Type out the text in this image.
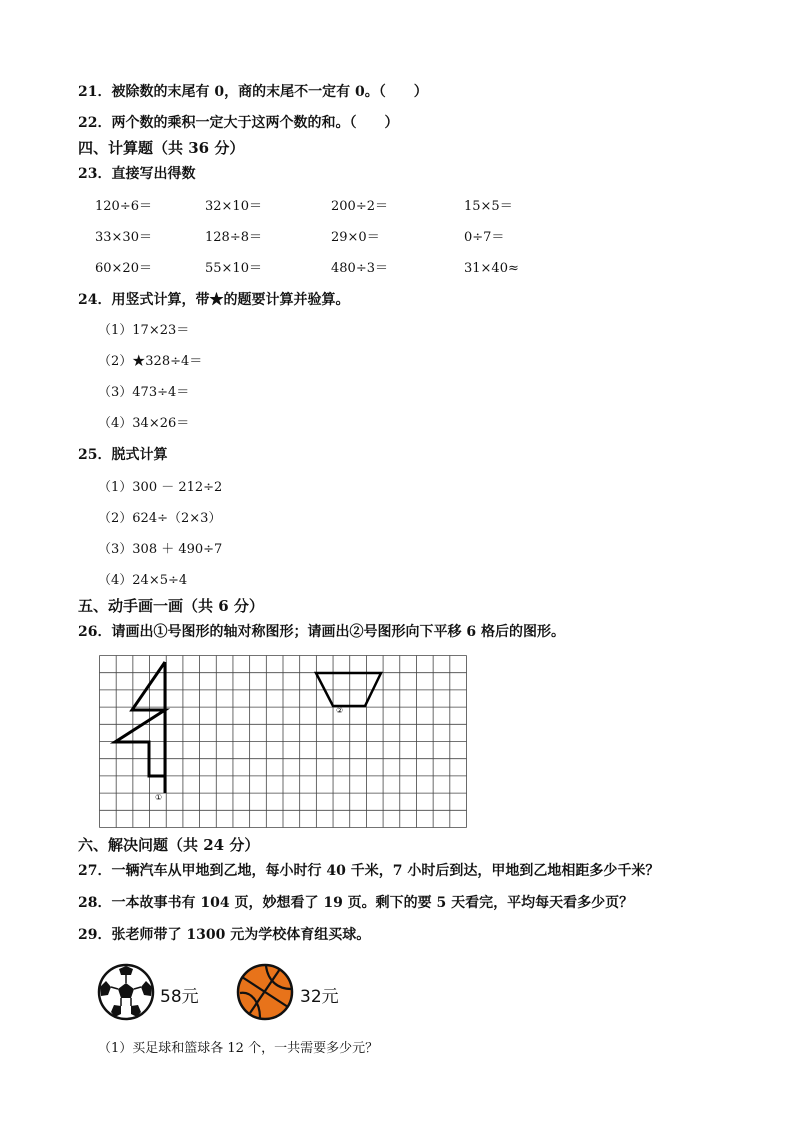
21．被除数的末尾有 0，商的末尾不一定有 0。（　　）
22．两个数的乘积一定大于这两个数的和。（　　）
四、计算题（共 36 分）
23．直接写出得数
120÷6＝	32×10＝	200÷2＝	15×5＝
33×30＝	128÷8＝	29×0＝	0÷7＝
60×20＝	55×10＝	480÷3＝	31×40≈
24．用竖式计算，带★的题要计算并验算。
（1）17×23＝
（2）★328÷4＝
（3）473÷4＝
（4）34×26＝
25．脱式计算
（1）300 － 212÷2
（2）624÷（2×3）
（3）308 ＋ 490÷7
（4）24×5÷4
五、动手画一画（共 6 分）
26．请画出①号图形的轴对称图形；请画出②号图形向下平移 6 格后的图形。
①
②
六、解决问题（共 24 分）
27．一辆汽车从甲地到乙地，每小时行 40 千米，7 小时后到达，甲地到乙地相距多少千米？
28．一本故事书有 104 页，妙想看了 19 页。剩下的要 5 天看完，平均每天看多少页？
29．张老师带了 1300 元为学校体育组买球。
58元	32元
（1）买足球和篮球各 12 个，一共需要多少元？
